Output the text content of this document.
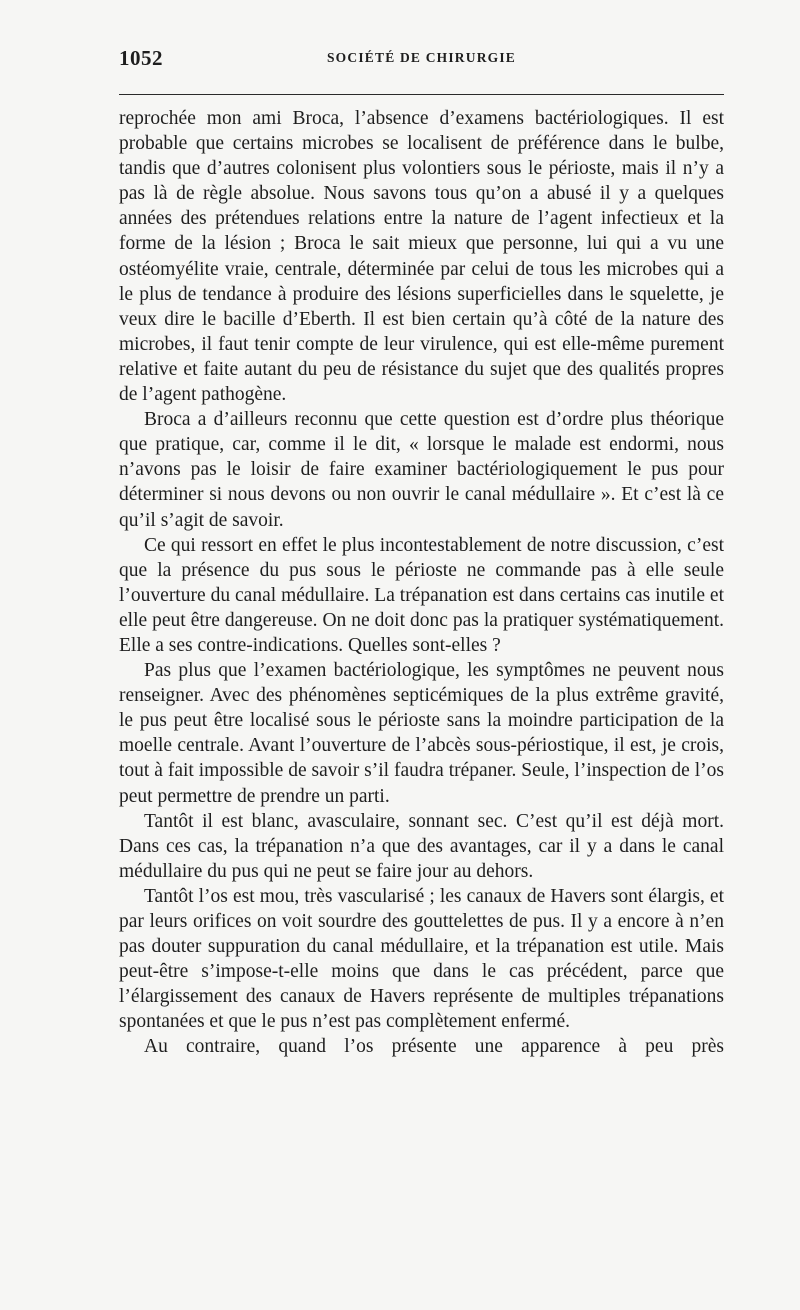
1052	SOCIÉTÉ DE CHIRURGIE

reprochée mon ami Broca, l’absence d’examens bactériologiques. Il est probable que certains microbes se localisent de préférence dans le bulbe, tandis que d’autres colonisent plus volontiers sous le périoste, mais il n’y a pas là de règle absolue. Nous savons tous qu’on a abusé il y a quelques années des prétendues relations entre la nature de l’agent infectieux et la forme de la lésion ; Broca le sait mieux que personne, lui qui a vu une ostéomyélite vraie, centrale, déterminée par celui de tous les microbes qui a le plus de tendance à produire des lésions superficielles dans le squelette, je veux dire le bacille d’Eberth. Il est bien certain qu’à côté de la nature des microbes, il faut tenir compte de leur virulence, qui est elle-même purement relative et faite autant du peu de résistance du sujet que des qualités propres de l’agent pathogène.

Broca a d’ailleurs reconnu que cette question est d’ordre plus théorique que pratique, car, comme il le dit, « lorsque le malade est endormi, nous n’avons pas le loisir de faire examiner bactériologiquement le pus pour déterminer si nous devons ou non ouvrir le canal médullaire ». Et c’est là ce qu’il s’agit de savoir.

Ce qui ressort en effet le plus incontestablement de notre discussion, c’est que la présence du pus sous le périoste ne commande pas à elle seule l’ouverture du canal médullaire. La trépanation est dans certains cas inutile et elle peut être dangereuse. On ne doit donc pas la pratiquer systématiquement. Elle a ses contre-indications. Quelles sont-elles ?

Pas plus que l’examen bactériologique, les symptômes ne peuvent nous renseigner. Avec des phénomènes septicémiques de la plus extrême gravité, le pus peut être localisé sous le périoste sans la moindre participation de la moelle centrale. Avant l’ouverture de l’abcès sous-périostique, il est, je crois, tout à fait impossible de savoir s’il faudra trépaner. Seule, l’inspection de l’os peut permettre de prendre un parti.

Tantôt il est blanc, avasculaire, sonnant sec. C’est qu’il est déjà mort. Dans ces cas, la trépanation n’a que des avantages, car il y a dans le canal médullaire du pus qui ne peut se faire jour au dehors.

Tantôt l’os est mou, très vascularisé ; les canaux de Havers sont élargis, et par leurs orifices on voit sourdre des gouttelettes de pus. Il y a encore à n’en pas douter suppuration du canal médullaire, et la trépanation est utile. Mais peut-être s’impose-t-elle moins que dans le cas précédent, parce que l’élargissement des canaux de Havers représente de multiples trépanations spontanées et que le pus n’est pas complètement enfermé.

Au contraire, quand l’os présente une apparence à peu près
